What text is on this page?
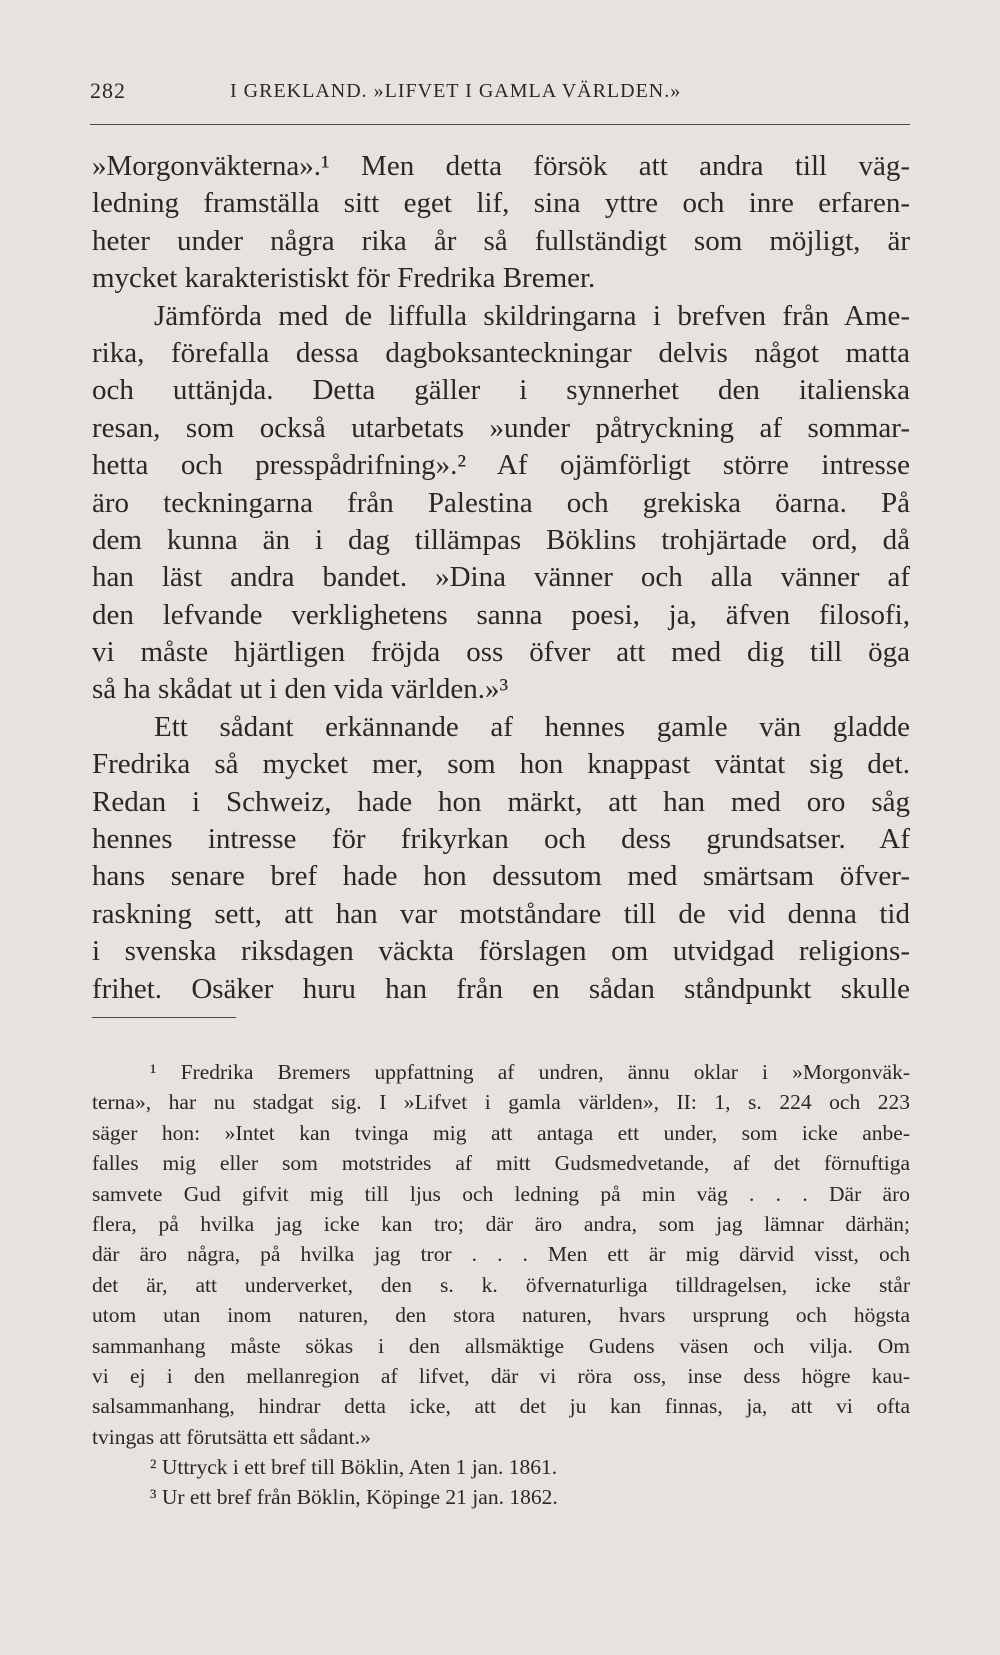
282	I GREKLAND. »LIFVET I GAMLA VÄRLDEN.»
»Morgonväkterna».¹ Men detta försök att andra till väg-
ledning framställa sitt eget lif, sina yttre och inre erfaren-
heter under några rika år så fullständigt som möjligt, är
mycket karakteristiskt för Fredrika Bremer.
Jämförda med de liffulla skildringarna i brefven från Ame-
rika, förefalla dessa dagboksanteckningar delvis något matta
och uttänjda. Detta gäller i synnerhet den italienska
resan, som också utarbetats »under påtryckning af sommar-
hetta och presspådrifning».² Af ojämförligt större intresse
äro teckningarna från Palestina och grekiska öarna. På
dem kunna än i dag tillämpas Böklins trohjärtade ord, då
han läst andra bandet. »Dina vänner och alla vänner af
den lefvande verklighetens sanna poesi, ja, äfven filosofi,
vi måste hjärtligen fröjda oss öfver att med dig till öga
så ha skådat ut i den vida världen.»³
Ett sådant erkännande af hennes gamle vän gladde
Fredrika så mycket mer, som hon knappast väntat sig det.
Redan i Schweiz, hade hon märkt, att han med oro såg
hennes intresse för frikyrkan och dess grundsatser. Af
hans senare bref hade hon dessutom med smärtsam öfver-
raskning sett, att han var motståndare till de vid denna tid
i svenska riksdagen väckta förslagen om utvidgad religions-
frihet. Osäker huru han från en sådan ståndpunkt skulle
¹ Fredrika Bremers uppfattning af undren, ännu oklar i »Morgonväk-
terna», har nu stadgat sig. I »Lifvet i gamla världen», II: 1, s. 224 och 223
säger hon: »Intet kan tvinga mig att antaga ett under, som icke anbe-
falles mig eller som motstrides af mitt Gudsmedvetande, af det förnuftiga
samvete Gud gifvit mig till ljus och ledning på min väg . . . Där äro
flera, på hvilka jag icke kan tro; där äro andra, som jag lämnar därhän;
där äro några, på hvilka jag tror . . . Men ett är mig därvid visst, och
det är, att underverket, den s. k. öfvernaturliga tilldragelsen, icke står
utom utan inom naturen, den stora naturen, hvars ursprung och högsta
sammanhang måste sökas i den allsmäktige Gudens väsen och vilja. Om
vi ej i den mellanregion af lifvet, där vi röra oss, inse dess högre kau-
salsammanhang, hindrar detta icke, att det ju kan finnas, ja, att vi ofta
tvingas att förutsätta ett sådant.»
² Uttryck i ett bref till Böklin, Aten 1 jan. 1861.
³ Ur ett bref från Böklin, Köpinge 21 jan. 1862.
